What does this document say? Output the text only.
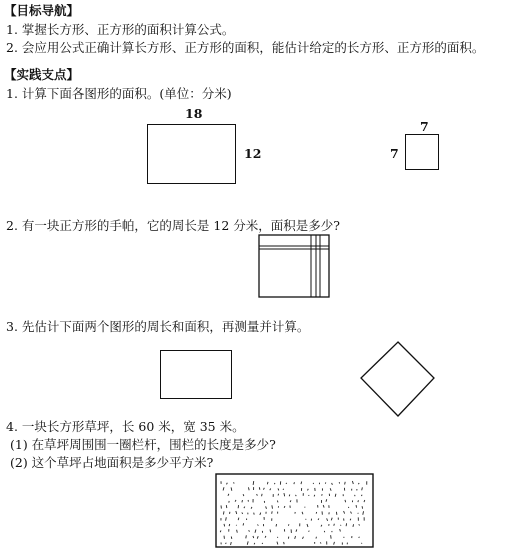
【目标导航】
1. 掌握长方形、正方形的面积计算公式。
2. 会应用公式正确计算长方形、正方形的面积，能估计给定的长方形、正方形的面积。
【实践支点】
1. 计算下面各图形的面积。(单位：分米)
18
12
7
7
2. 有一块正方形的手帕，它的周长是 12 分米，面积是多少?
3. 先估计下面两个图形的周长和面积，再测量并计算。
4. 一块长方形草坪，长 60 米，宽 35 米。
(1) 在草坪周围围一圈栏杆，围栏的长度是多少?
(2) 这个草坪占地面积是多少平方米?
